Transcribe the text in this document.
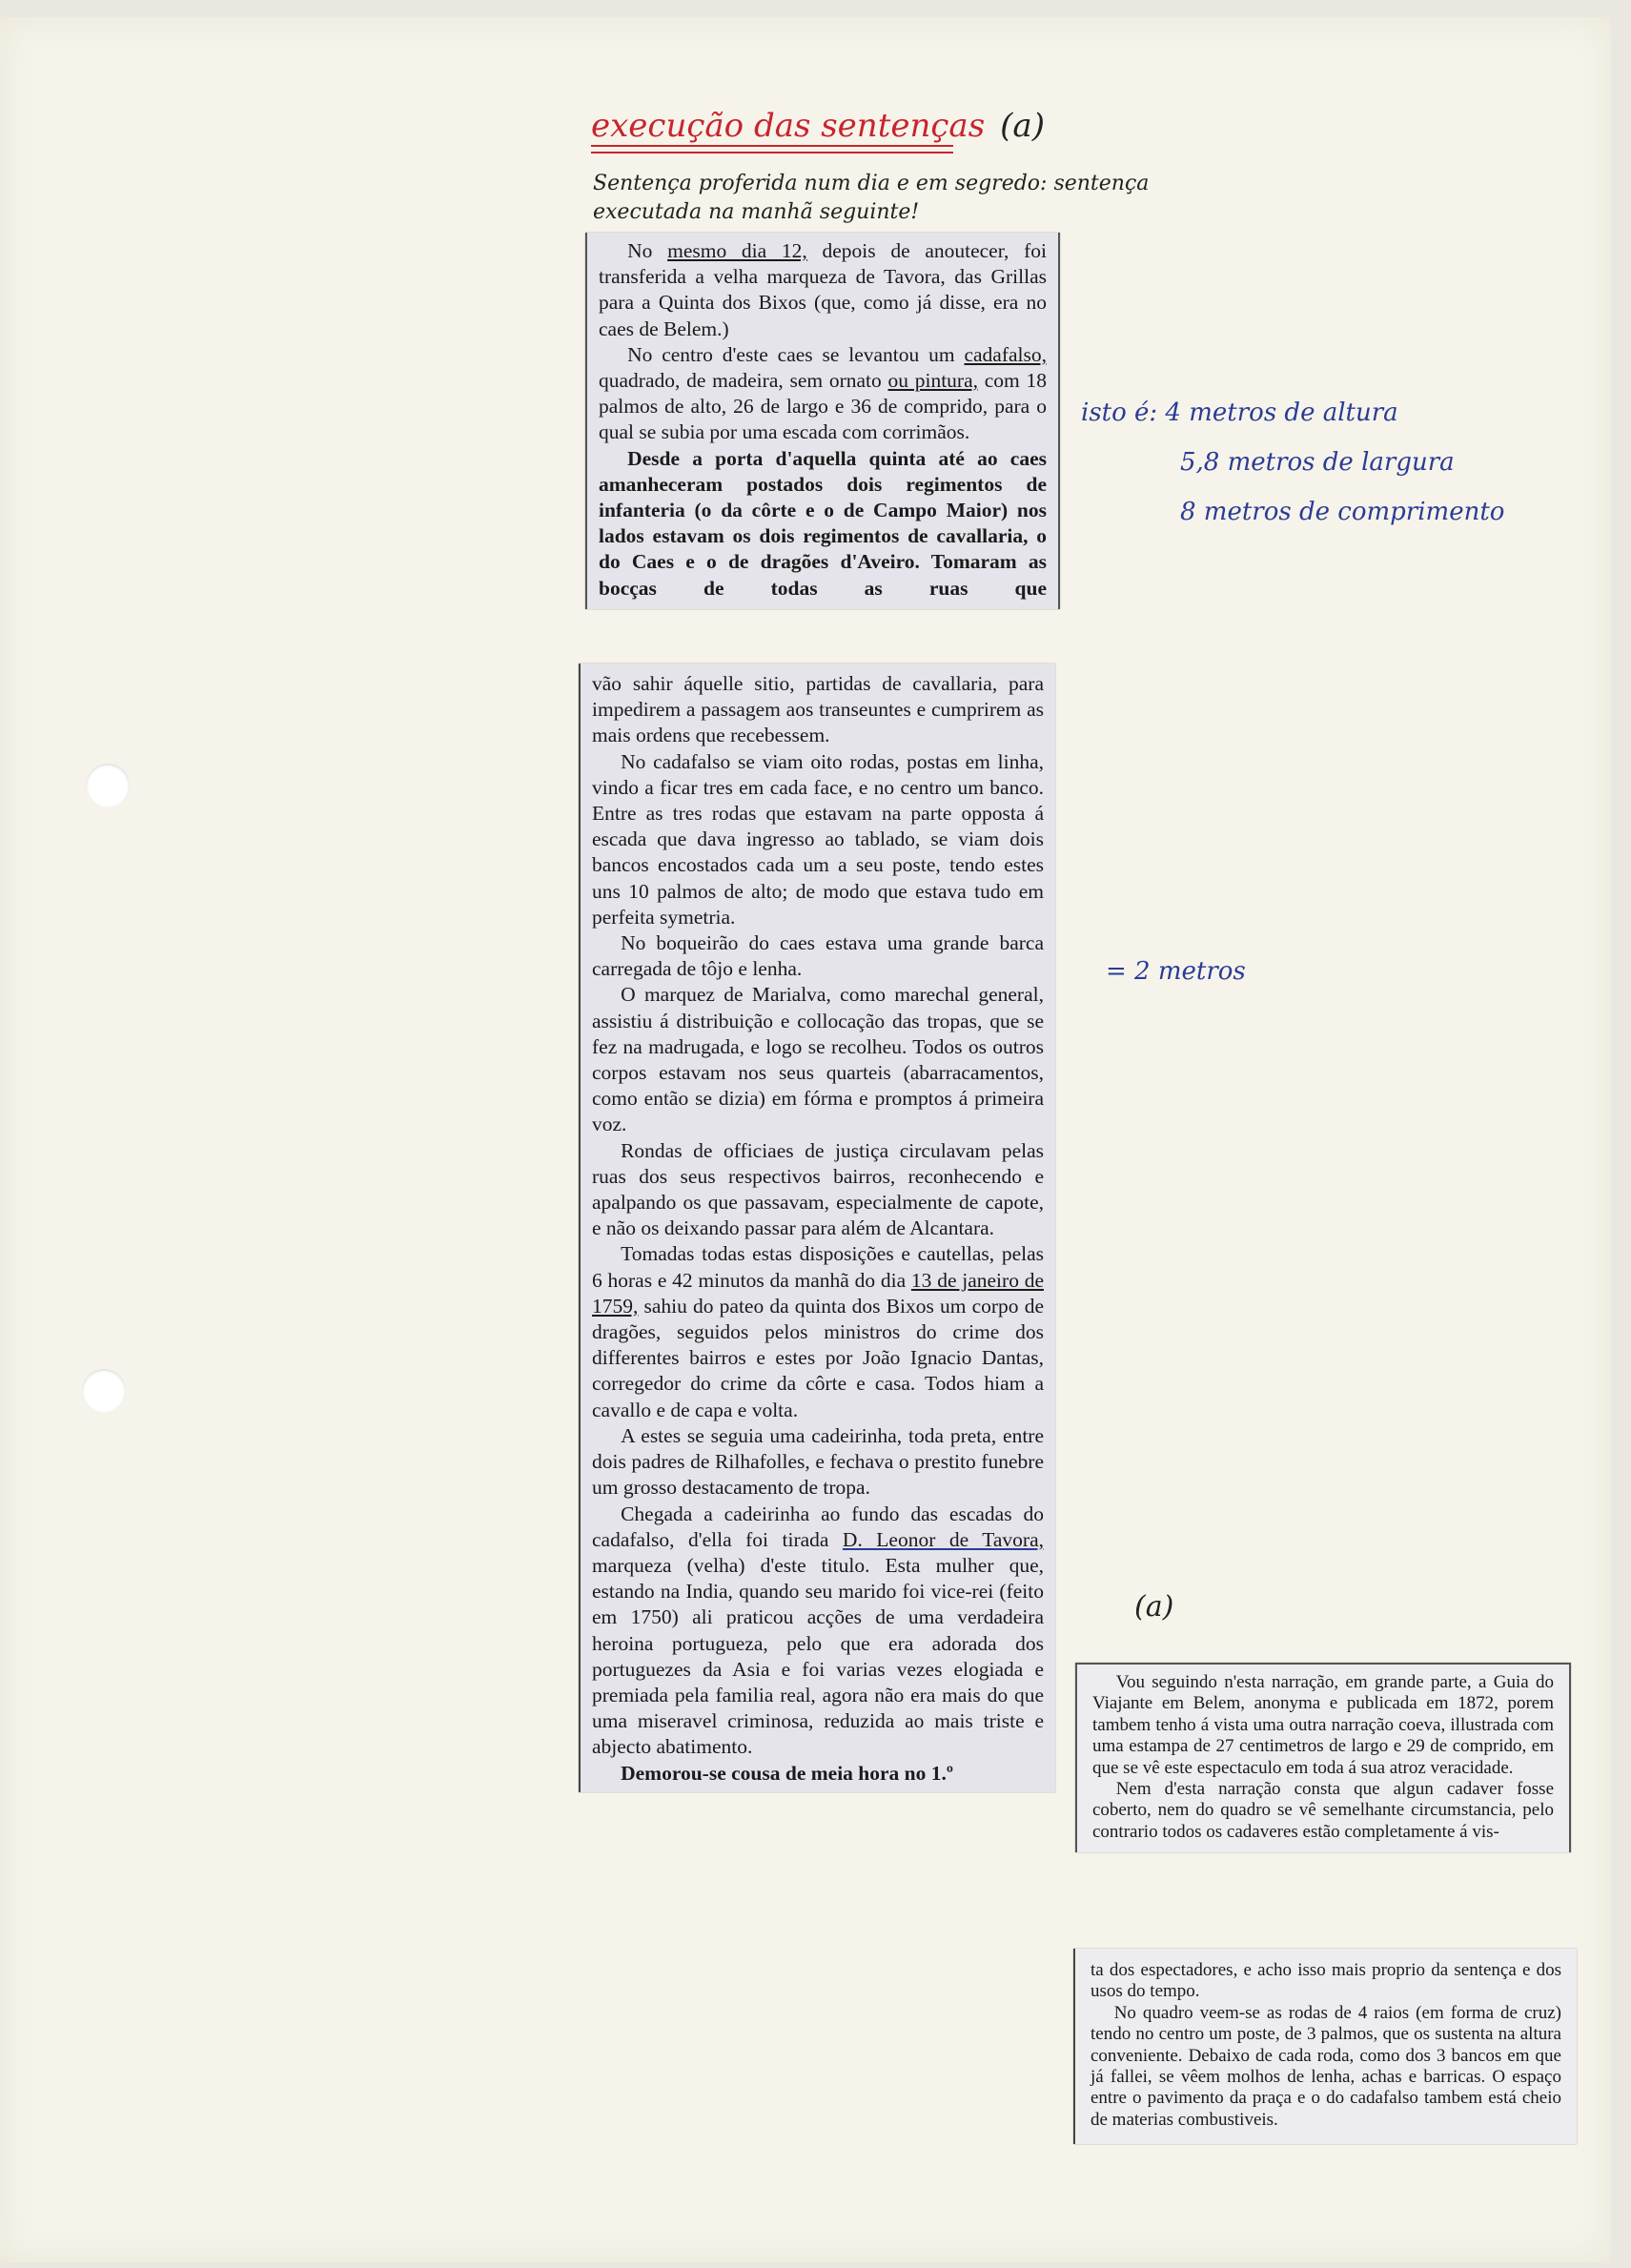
execução das sentenças (a)
Sentença proferida num dia e em segredo: sentença
executada na manhã seguinte!

No mesmo dia 12, depois de anoutecer, foi transferida a velha marqueza de Tavora, das Grillas para a Quinta dos Bixos (que, como já disse, era no caes de Belem.)

No centro d'este caes se levantou um cadafalso, quadrado, de madeira, sem ornato ou pintura, com 18 palmos de alto, 26 de largo e 36 de comprido, para o qual se subia por uma escada com corrimãos.

Desde a porta d'aquella quinta até ao caes amanheceram postados dois regimentos de infanteria (o da côrte e o de Campo Maior) nos lados estavam os dois regimentos de cavallaria, o do Caes e o de dragões d'Aveiro. Tomaram as bocças de todas as ruas que

vão sahir áquelle sitio, partidas de cavallaria, para impedirem a passagem aos transeuntes e cumprirem as mais ordens que recebessem.

No cadafalso se viam oito rodas, postas em linha, vindo a ficar tres em cada face, e no centro um banco. Entre as tres rodas que estavam na parte opposta á escada que dava ingresso ao tablado, se viam dois bancos encostados cada um a seu poste, tendo estes uns 10 palmos de alto; de modo que estava tudo em perfeita symetria.

No boqueirão do caes estava uma grande barca carregada de tôjo e lenha.

O marquez de Marialva, como marechal general, assistiu á distribuição e collocação das tropas, que se fez na madrugada, e logo se recolheu. Todos os outros corpos estavam nos seus quarteis (abarracamentos, como então se dizia) em fórma e promptos á primeira voz.

Rondas de officiaes de justiça circulavam pelas ruas dos seus respectivos bairros, reconhecendo e apalpando os que passavam, especialmente de capote, e não os deixando passar para além de Alcantara.

Tomadas todas estas disposições e cautellas, pelas 6 horas e 42 minutos da manhã do dia 13 de janeiro de 1759, sahiu do pateo da quinta dos Bixos um corpo de dragões, seguidos pelos ministros do crime dos differentes bairros e estes por João Ignacio Dantas, corregedor do crime da côrte e casa. Todos hiam a cavallo e de capa e volta.

A estes se seguia uma cadeirinha, toda preta, entre dois padres de Rilhafolles, e fechava o prestito funebre um grosso destacamento de tropa.

Chegada a cadeirinha ao fundo das escadas do cadafalso, d'ella foi tirada D. Leonor de Tavora, marqueza (velha) d'este titulo. Esta mulher que, estando na India, quando seu marido foi vice-rei (feito em 1750) ali praticou acções de uma verdadeira heroina portugueza, pelo que era adorada dos portuguezes da Asia e foi varias vezes elogiada e premiada pela familia real, agora não era mais do que uma miseravel criminosa, reduzida ao mais triste e abjecto abatimento.

Demorou-se cousa de meia hora no 1.º

isto é: 4 metros de altura
5,8 metros de largura
8 metros de comprimento
= 2 metros
(a)

Vou seguindo n'esta narração, em grande parte, a Guia do Viajante em Belem, anonyma e publicada em 1872, porem tambem tenho á vista uma outra narração coeva, illustrada com uma estampa de 27 centimetros de largo e 29 de comprido, em que se vê este espectaculo em toda á sua atroz veracidade.

Nem d'esta narração consta que algun cadaver fosse coberto, nem do quadro se vê semelhante circumstancia, pelo contrario todos os cadaveres estão completamente á vis-

ta dos espectadores, e acho isso mais proprio da sentença e dos usos do tempo.

No quadro veem-se as rodas de 4 raios (em forma de cruz) tendo no centro um poste, de 3 palmos, que os sustenta na altura conveniente. Debaixo de cada roda, como dos 3 bancos em que já fallei, se vêem molhos de lenha, achas e barricas. O espaço entre o pavimento da praça e o do cadafalso tambem está cheio de materias combustiveis.
